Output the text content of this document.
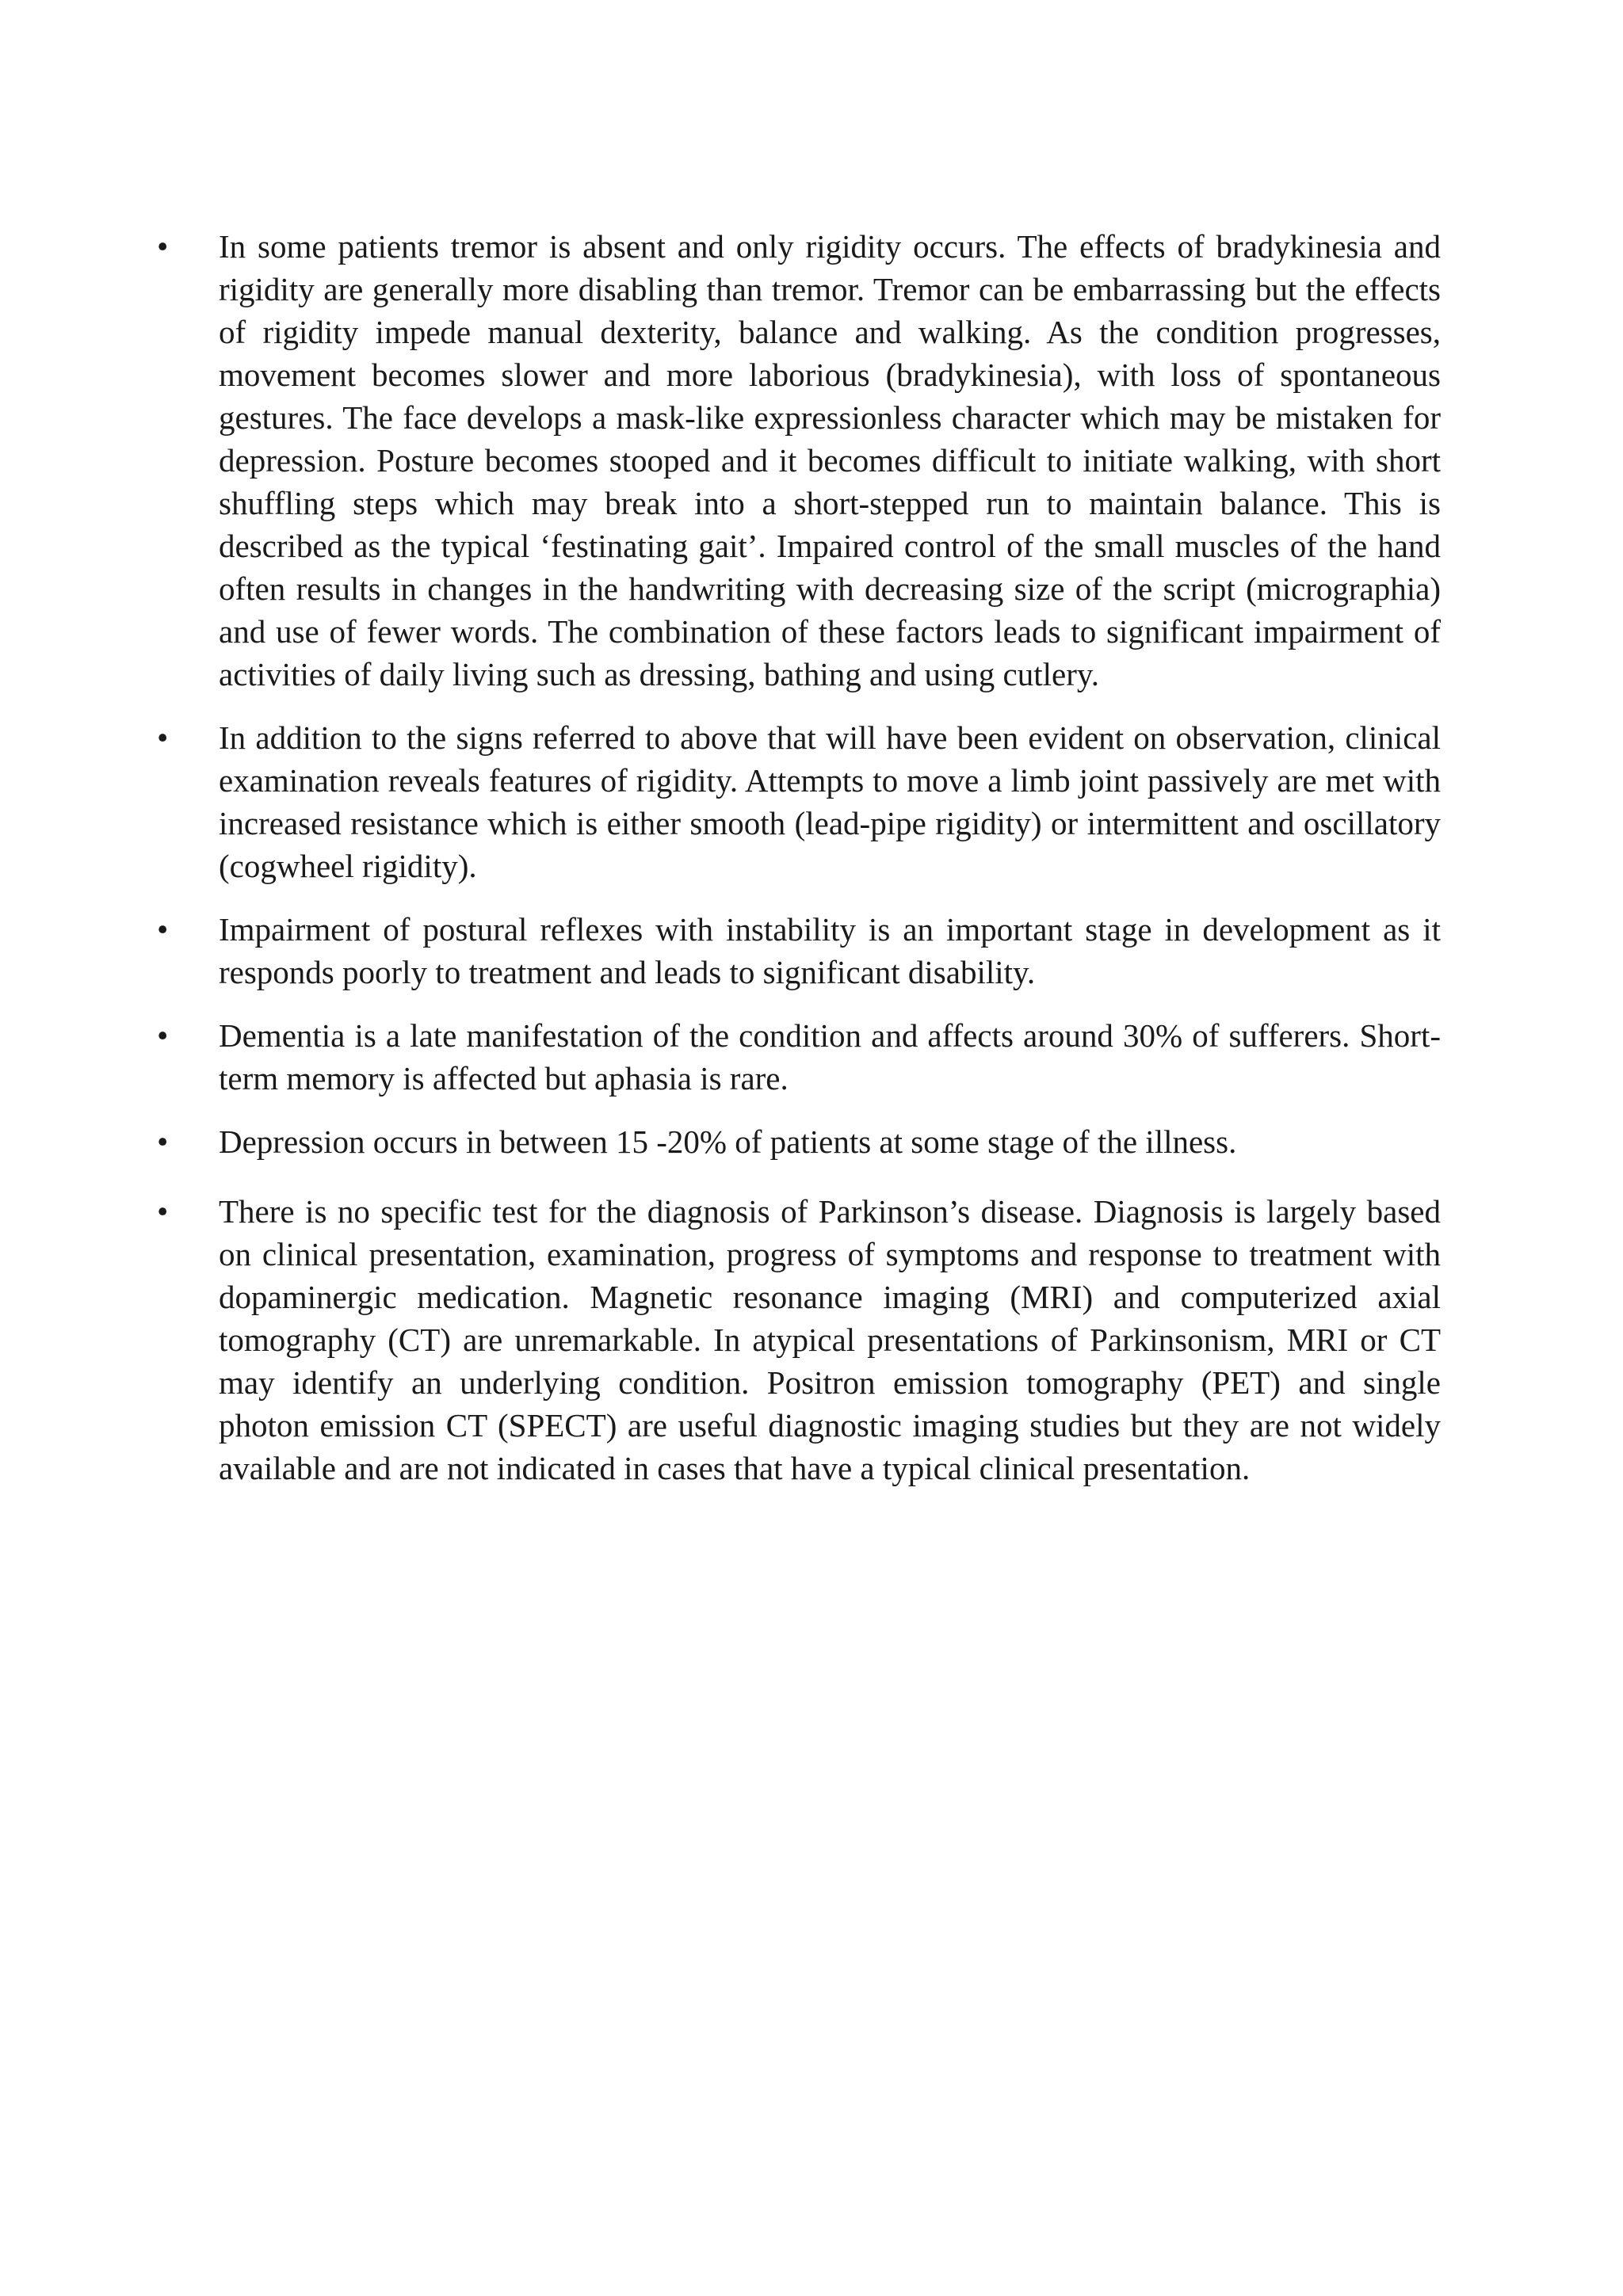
•	In some patients tremor is absent and only rigidity occurs. The effects of bradykinesia and rigidity are generally more disabling than tremor. Tremor can be embarrassing but the effects of rigidity impede manual dexterity, balance and walking. As the condition progresses, movement becomes slower and more laborious (bradykinesia), with loss of spontaneous gestures. The face develops a mask-like expressionless character which may be mistaken for depression. Posture becomes stooped and it becomes difficult to initiate walking, with short shuffling steps which may break into a short-stepped run to maintain balance. This is described as the typical ‘festinating gait’. Impaired control of the small muscles of the hand often results in changes in the handwriting with decreasing size of the script (micrographia) and use of fewer words. The combination of these factors leads to significant impairment of activities of daily living such as dressing, bathing and using cutlery.
•	In addition to the signs referred to above that will have been evident on observation, clinical examination reveals features of rigidity. Attempts to move a limb joint passively are met with increased resistance which is either smooth (lead-pipe rigidity) or intermittent and oscillatory (cogwheel rigidity).
•	Impairment of postural reflexes with instability is an important stage in development as it responds poorly to treatment and leads to significant disability.
•	Dementia is a late manifestation of the condition and affects around 30% of sufferers. Short-term memory is affected but aphasia is rare.
•	Depression occurs in between 15 -20% of patients at some stage of the illness.
•	There is no specific test for the diagnosis of Parkinson’s disease. Diagnosis is largely based on clinical presentation, examination, progress of symptoms and response to treatment with dopaminergic medication. Magnetic resonance imaging (MRI) and computerized axial tomography (CT) are unremarkable. In atypical presentations of Parkinsonism, MRI or CT may identify an underlying condition. Positron emission tomography (PET) and single photon emission CT (SPECT) are useful diagnostic imaging studies but they are not widely available and are not indicated in cases that have a typical clinical presentation.
